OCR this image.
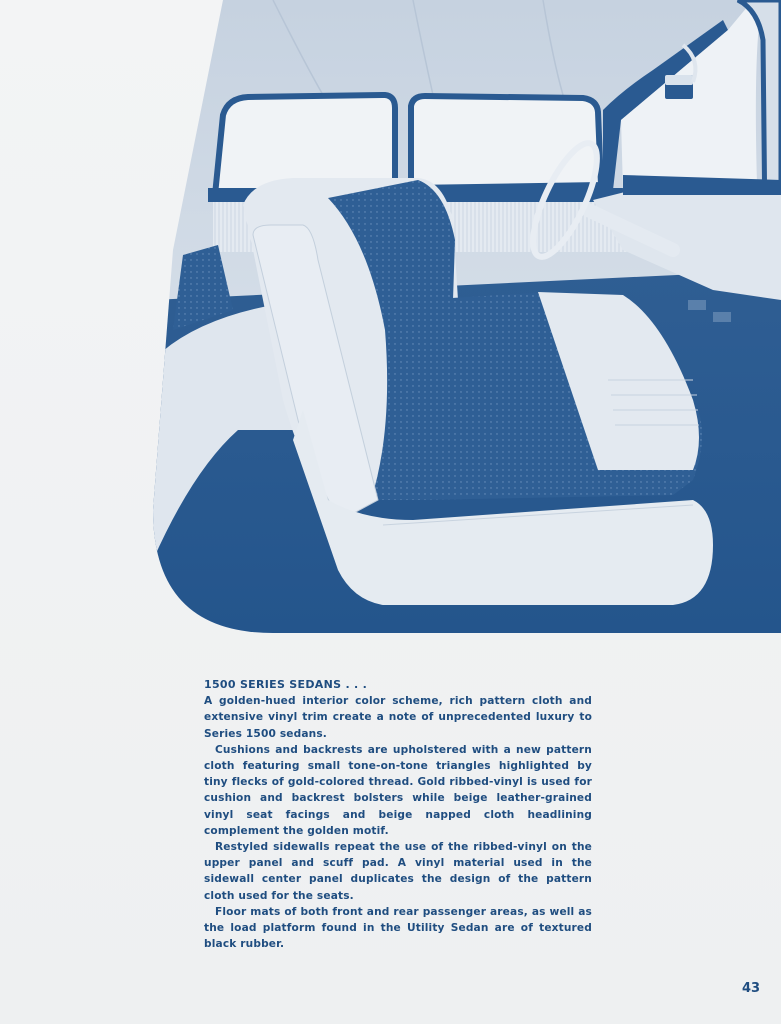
1500 SERIES SEDANS . . .

A golden-hued interior color scheme, rich pattern cloth and extensive vinyl trim create a note of unprecedented luxury to Series 1500 sedans.

Cushions and backrests are upholstered with a new pattern cloth featuring small tone-on-tone triangles highlighted by tiny flecks of gold-colored thread. Gold ribbed-vinyl is used for cushion and backrest bolsters while beige leather-grained vinyl seat facings and beige napped cloth headlining complement the golden motif.

Restyled sidewalls repeat the use of the ribbed-vinyl on the upper panel and scuff pad. A vinyl material used in the sidewall center panel duplicates the design of the pattern cloth used for the seats.

Floor mats of both front and rear passenger areas, as well as the load platform found in the Utility Sedan are of textured black rubber.

43
